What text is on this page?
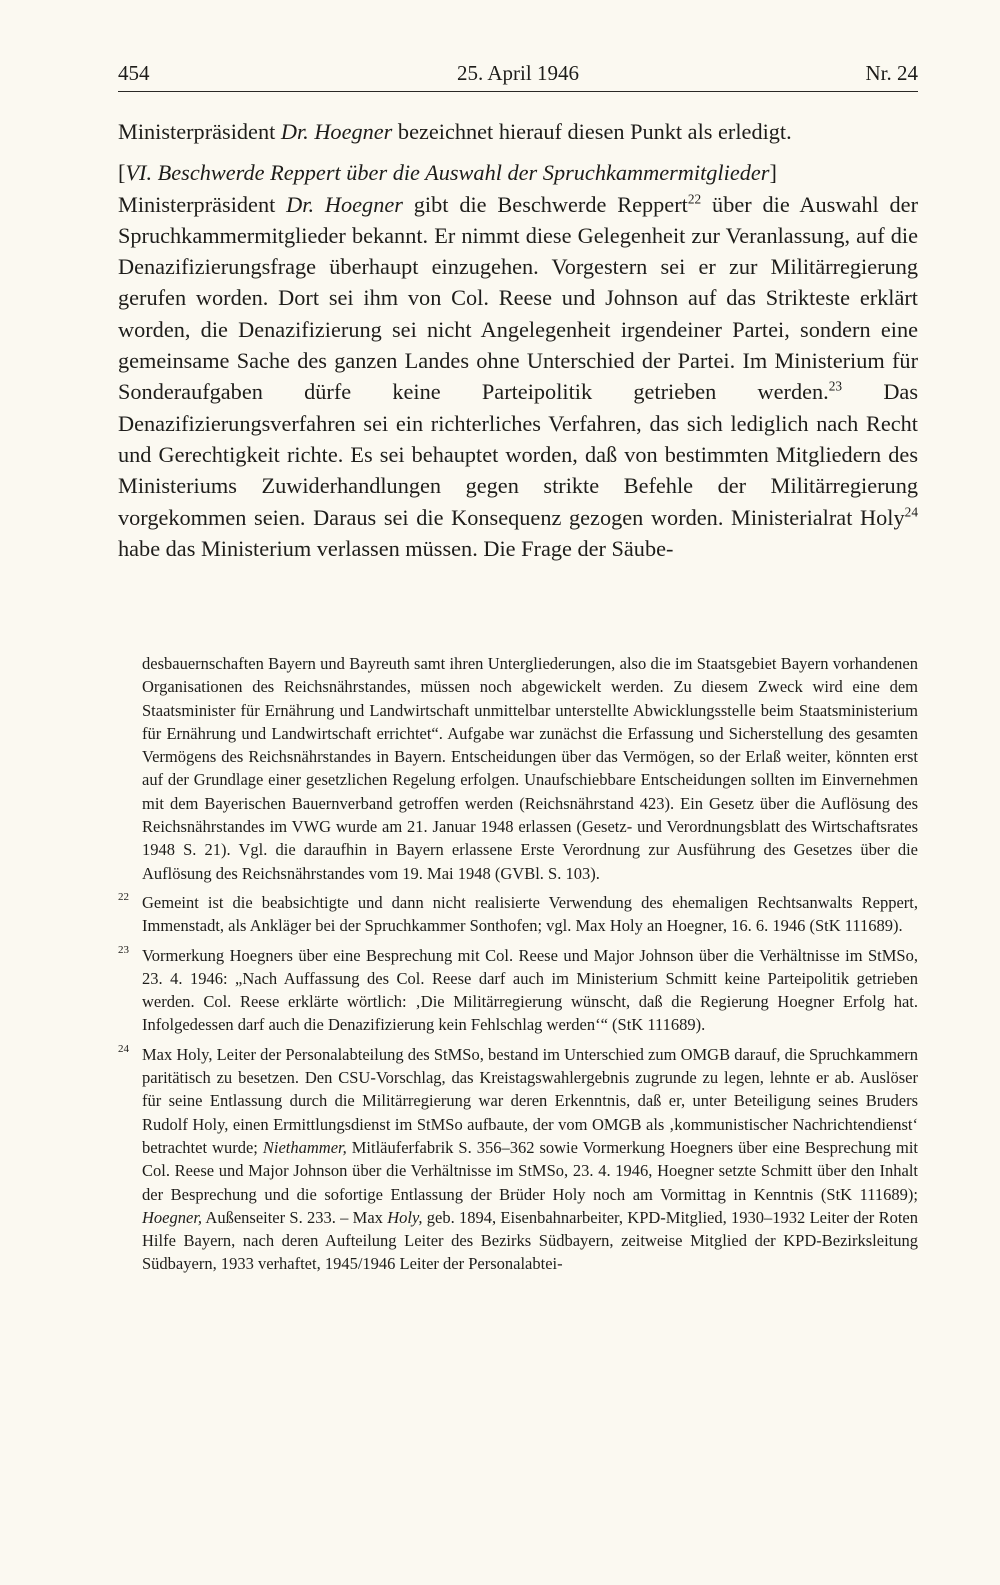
25. April 1946
454	Nr. 24

Ministerpräsident Dr. Hoegner bezeichnet hierauf diesen Punkt als erledigt.

[VI. Beschwerde Reppert über die Auswahl der Spruchkammermitglieder]

Ministerpräsident Dr. Hoegner gibt die Beschwerde Reppert$^{22}$ über die Auswahl der Spruchkammermitglieder bekannt. Er nimmt diese Gelegenheit zur Veranlassung, auf die Denazifizierungsfrage überhaupt einzugehen. Vorgestern sei er zur Militärregierung gerufen worden. Dort sei ihm von Col. Reese und Johnson auf das Strikteste erklärt worden, die Denazifizierung sei nicht Angelegenheit irgendeiner Partei, sondern eine gemeinsame Sache des ganzen Landes ohne Unterschied der Partei. Im Ministerium für Sonderaufgaben dürfe keine Parteipolitik getrieben werden.$^{23}$ Das Denazifizierungsverfahren sei ein richterliches Verfahren, das sich lediglich nach Recht und Gerechtigkeit richte. Es sei behauptet worden, daß von bestimmten Mitgliedern des Ministeriums Zuwiderhandlungen gegen strikte Befehle der Militärregierung vorgekommen seien. Daraus sei die Konsequenz gezogen worden. Ministerialrat Holy$^{24}$ habe das Ministerium verlassen müssen. Die Frage der Säube-

desbauernschaften Bayern und Bayreuth samt ihren Untergliederungen, also die im Staatsgebiet Bayern vorhandenen Organisationen des Reichsnährstandes, müssen noch abgewickelt werden. Zu diesem Zweck wird eine dem Staatsminister für Ernährung und Landwirtschaft unmittelbar unterstellte Abwicklungsstelle beim Staatsministerium für Ernährung und Landwirtschaft errichtet“. Aufgabe war zunächst die Erfassung und Sicherstellung des gesamten Vermögens des Reichsnährstandes in Bayern. Entscheidungen über das Vermögen, so der Erlaß weiter, könnten erst auf der Grundlage einer gesetzlichen Regelung erfolgen. Unaufschiebbare Entscheidungen sollten im Einvernehmen mit dem Bayerischen Bauernverband getroffen werden (Reichsnährstand 423). Ein Gesetz über die Auflösung des Reichsnährstandes im VWG wurde am 21. Januar 1948 erlassen (Gesetz- und Verordnungsblatt des Wirtschaftsrates 1948 S. 21). Vgl. die daraufhin in Bayern erlassene Erste Verordnung zur Ausführung des Gesetzes über die Auflösung des Reichsnährstandes vom 19. Mai 1948 (GVBl. S. 103).

22 Gemeint ist die beabsichtigte und dann nicht realisierte Verwendung des ehemaligen Rechtsanwalts Reppert, Immenstadt, als Ankläger bei der Spruchkammer Sonthofen; vgl. Max Holy an Hoegner, 16. 6. 1946 (StK 111689).

23 Vormerkung Hoegners über eine Besprechung mit Col. Reese und Major Johnson über die Verhältnisse im StMSo, 23. 4. 1946: „Nach Auffassung des Col. Reese darf auch im Ministerium Schmitt keine Parteipolitik getrieben werden. Col. Reese erklärte wörtlich: ‚Die Militärregierung wünscht, daß die Regierung Hoegner Erfolg hat. Infolgedessen darf auch die Denazifizierung kein Fehlschlag werden‘“ (StK 111689).

24 Max Holy, Leiter der Personalabteilung des StMSo, bestand im Unterschied zum OMGB darauf, die Spruchkammern paritätisch zu besetzen. Den CSU-Vorschlag, das Kreistagswahlergebnis zugrunde zu legen, lehnte er ab. Auslöser für seine Entlassung durch die Militärregierung war deren Erkenntnis, daß er, unter Beteiligung seines Bruders Rudolf Holy, einen Ermittlungsdienst im StMSo aufbaute, der vom OMGB als ‚kommunistischer Nachrichtendienst‘ betrachtet wurde; Niethammer, Mitläuferfabrik S. 356–362 sowie Vormerkung Hoegners über eine Besprechung mit Col. Reese und Major Johnson über die Verhältnisse im StMSo, 23. 4. 1946, Hoegner setzte Schmitt über den Inhalt der Besprechung und die sofortige Entlassung der Brüder Holy noch am Vormittag in Kenntnis (StK 111689); Hoegner, Außenseiter S. 233. – Max Holy, geb. 1894, Eisenbahnarbeiter, KPD-Mitglied, 1930–1932 Leiter der Roten Hilfe Bayern, nach deren Aufteilung Leiter des Bezirks Südbayern, zeitweise Mitglied der KPD-Bezirksleitung Südbayern, 1933 verhaftet, 1945/1946 Leiter der Personalabtei-
